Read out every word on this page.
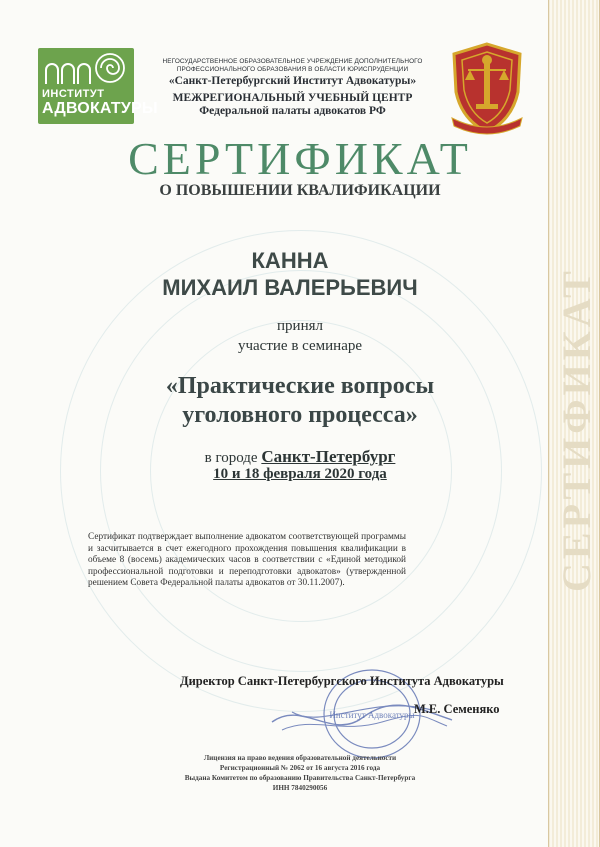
СЕРТИФИКАТ
ИНСТИТУТ
АДВОКАТУРЫ
НЕГОСУДАРСТВЕННОЕ ОБРАЗОВАТЕЛЬНОЕ УЧРЕЖДЕНИЕ ДОПОЛНИТЕЛЬНОГО
ПРОФЕССИОНАЛЬНОГО ОБРАЗОВАНИЯ В ОБЛАСТИ ЮРИСПРУДЕНЦИИ
«Санкт-Петербургский Институт Адвокатуры»
МЕЖРЕГИОНАЛЬНЫЙ УЧЕБНЫЙ ЦЕНТР
Федеральной палаты адвокатов РФ
СЕРТИФИКАТ
О ПОВЫШЕНИИ КВАЛИФИКАЦИИ
КАННА
МИХАИЛ ВАЛЕРЬЕВИЧ
принял
участие в семинаре
«Практические вопросы
уголовного процесса»
в городе Санкт-Петербург
10 и 18 февраля 2020 года
Сертификат подтверждает выполнение адвокатом соответствующей программы и засчитывается в счет ежегодного прохождения повышения квалификации в объеме 8 (восемь) академических часов в соответствии с «Единой методикой профессиональной подготовки и переподготовки адвокатов» (утвержденной решением Совета Федеральной палаты адвокатов от 30.11.2007).
Институт Адвокатуры
Директор Санкт-Петербургского Института Адвокатуры
М.Е. Семеняко
Лицензия на право ведения образовательной деятельности
Регистрационный № 2062 от 16 августа 2016 года
Выдана Комитетом по образованию Правительства Санкт-Петербурга
ИНН 7840290056
